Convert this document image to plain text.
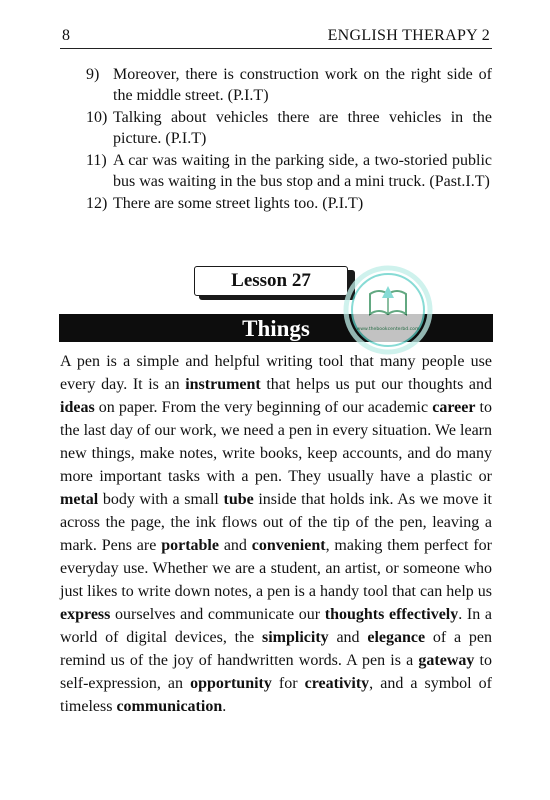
8	ENGLISH THERAPY 2
9) Moreover, there is construction work on the right side of the middle street. (P.I.T)
10) Talking about vehicles there are three vehicles in the picture. (P.I.T)
11) A car was waiting in the parking side, a two-storied public bus was waiting in the bus stop and a mini truck. (Past.I.T)
12) There are some street lights too. (P.I.T)
Lesson 27
Things	www.thebookcenterbd.com

A pen is a simple and helpful writing tool that many people use every day. It is an instrument that helps us put our thoughts and ideas on paper. From the very beginning of our academic career to the last day of our work, we need a pen in every situation. We learn new things, make notes, write books, keep accounts, and do many more important tasks with a pen. They usually have a plastic or metal body with a small tube inside that holds ink. As we move it across the page, the ink flows out of the tip of the pen, leaving a mark. Pens are portable and convenient, making them perfect for everyday use. Whether we are a student, an artist, or someone who just likes to write down notes, a pen is a handy tool that can help us express ourselves and communicate our thoughts effectively. In a world of digital devices, the simplicity and elegance of a pen remind us of the joy of handwritten words. A pen is a gateway to self-expression, an opportunity for creativity, and a symbol of timeless communication.
